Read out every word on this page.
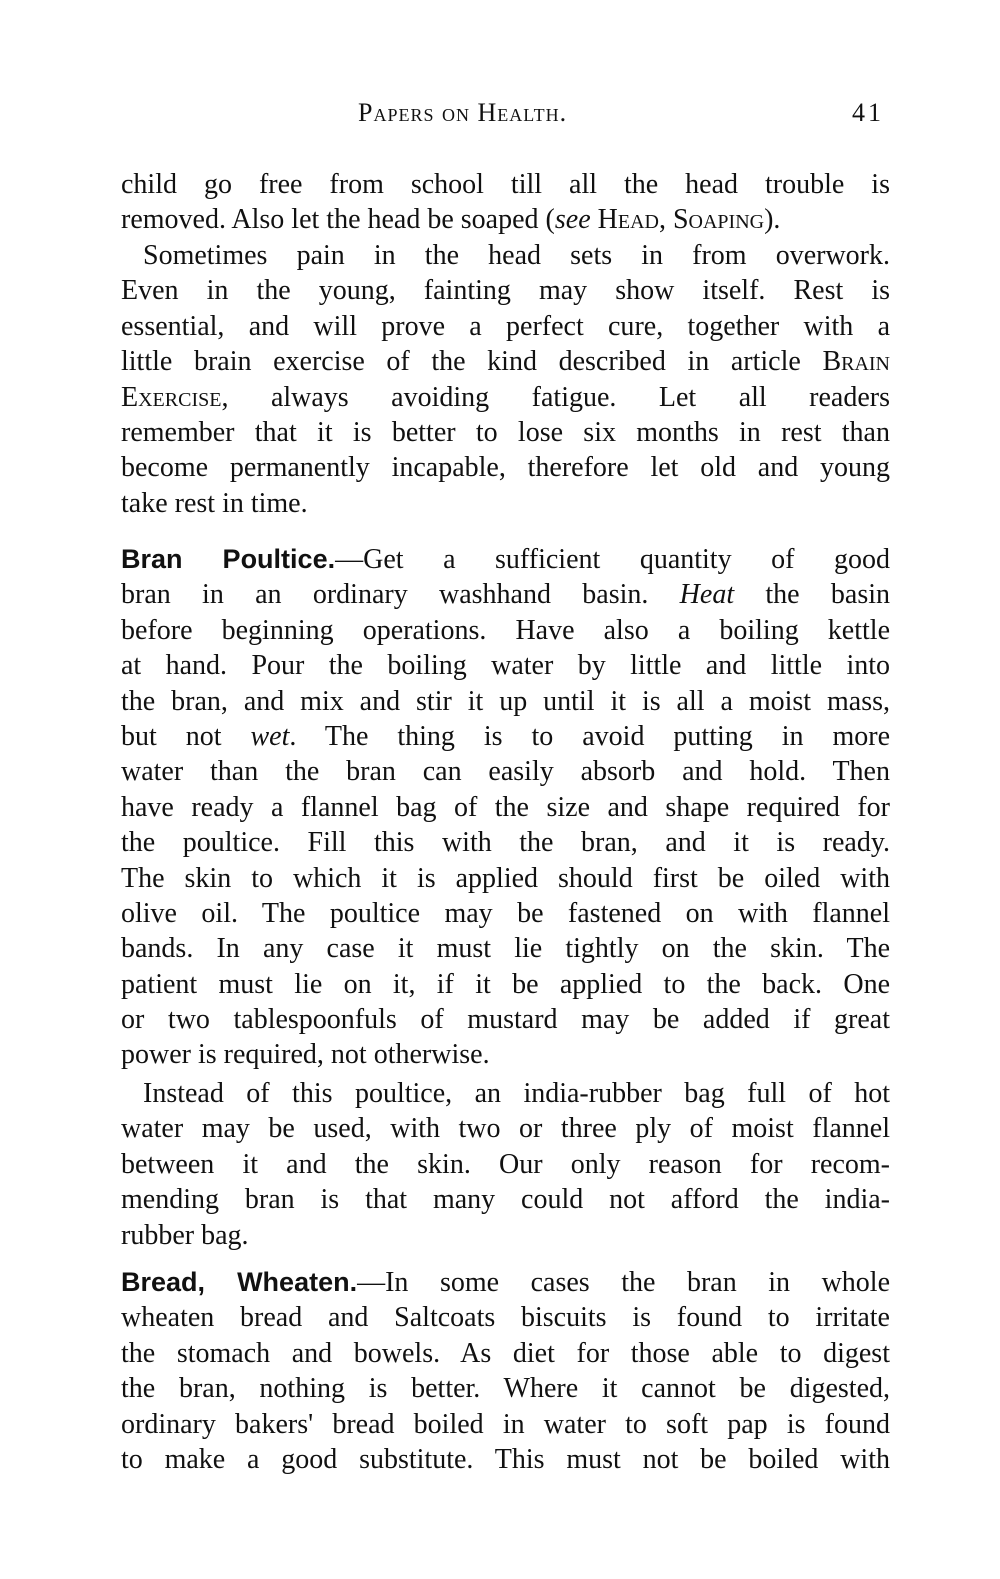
Papers on Health.	41
child go free from school till all the head trouble is
removed. Also let the head be soaped (see Head, Soaping).
Sometimes pain in the head sets in from overwork.
Even in the young, fainting may show itself. Rest is
essential, and will prove a perfect cure, together with a
little brain exercise of the kind described in article Brain
Exercise, always avoiding fatigue. Let all readers
remember that it is better to lose six months in rest than
become permanently incapable, therefore let old and young
take rest in time.
Bran Poultice.—Get a sufficient quantity of good
bran in an ordinary washhand basin. Heat the basin
before beginning operations. Have also a boiling kettle
at hand. Pour the boiling water by little and little into
the bran, and mix and stir it up until it is all a moist mass,
but not wet. The thing is to avoid putting in more
water than the bran can easily absorb and hold. Then
have ready a flannel bag of the size and shape required for
the poultice. Fill this with the bran, and it is ready.
The skin to which it is applied should first be oiled with
olive oil. The poultice may be fastened on with flannel
bands. In any case it must lie tightly on the skin. The
patient must lie on it, if it be applied to the back. One
or two tablespoonfuls of mustard may be added if great
power is required, not otherwise.
Instead of this poultice, an india-rubber bag full of hot
water may be used, with two or three ply of moist flannel
between it and the skin. Our only reason for recom-
mending bran is that many could not afford the india-
rubber bag.
Bread, Wheaten.—In some cases the bran in whole
wheaten bread and Saltcoats biscuits is found to irritate
the stomach and bowels. As diet for those able to digest
the bran, nothing is better. Where it cannot be digested,
ordinary bakers' bread boiled in water to soft pap is found
to make a good substitute. This must not be boiled with
